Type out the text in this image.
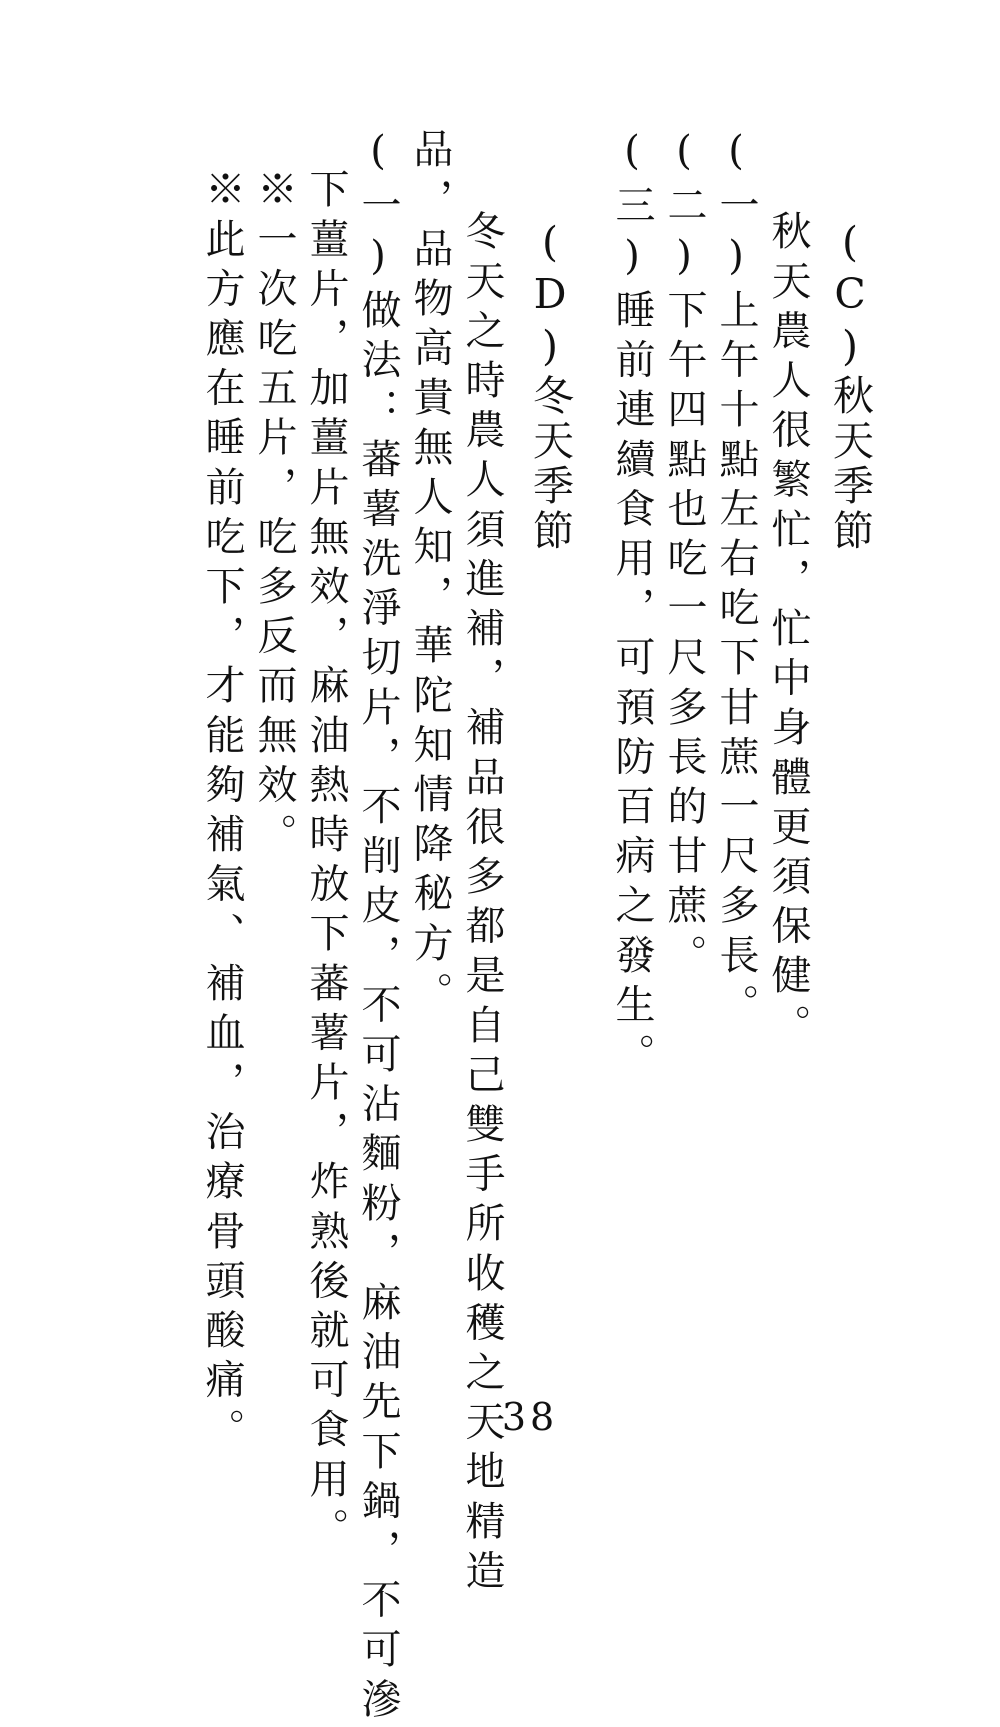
(C)秋天季節
秋天農人很繁忙，忙中身體更須保健。
(一)上午十點左右吃下甘蔗一尺多長。
(二)下午四點也吃一尺多長的甘蔗。
(三)睡前連續食用，可預防百病之發生。
(D)冬天季節
冬天之時農人須進補，補品很多都是自己雙手所收穫之天地精造
品，品物高貴無人知，華陀知情降秘方。
(一)做法：蕃薯洗淨切片，不削皮，不可沾麵粉，麻油先下鍋，不可滲
下薑片，加薑片無效，麻油熱時放下蕃薯片，炸熟後就可食用。
※一次吃五片，吃多反而無效。
※此方應在睡前吃下，才能夠補氣、補血，治療骨頭酸痛。	38
